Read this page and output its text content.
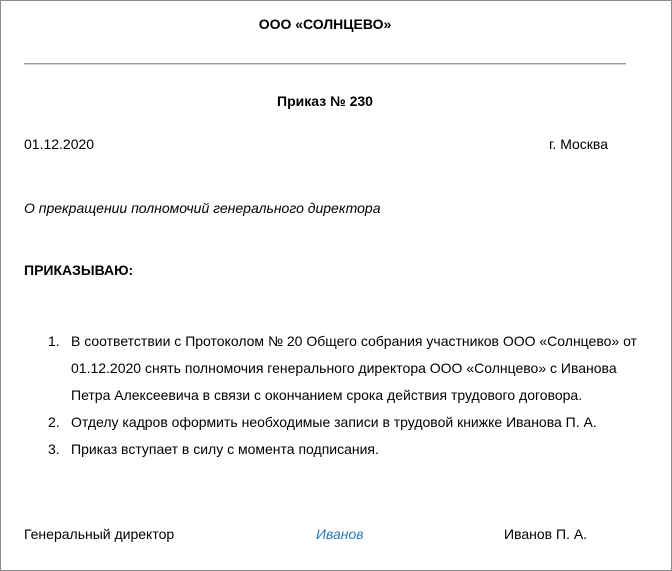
ООО «СОЛНЦЕВО»
Приказ № 230
01.12.2020	г. Москва
О прекращении полномочий генерального директора
ПРИКАЗЫВАЮ:
1. В соответствии с Протоколом № 20 Общего собрания участников ООО «Солнцево» от
01.12.2020 снять полномочия генерального директора ООО «Солнцево» с Иванова
Петра Алексеевича в связи с окончанием срока действия трудового договора.
2. Отделу кадров оформить необходимые записи в трудовой книжке Иванова П. А.
3. Приказ вступает в силу с момента подписания.
Генеральный директор	Иванов	Иванов П. А.
